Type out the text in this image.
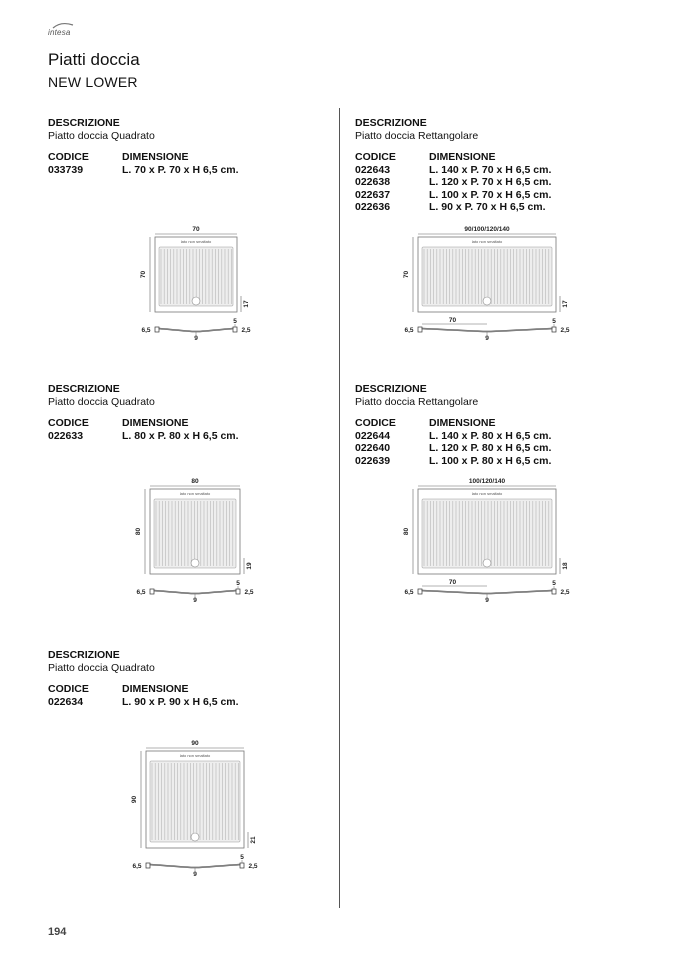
intesa
Piatti doccia
NEW LOWER
DESCRIZIONE
Piatto doccia Quadrato
CODICE	DIMENSIONE
033739	L. 70 x P. 70 x H 6,5 cm.
DESCRIZIONE
Piatto doccia Rettangolare
CODICE	DIMENSIONE
022643	L. 140 x P. 70 x H 6,5 cm.
022638	L. 120 x P. 70 x H 6,5 cm.
022637	L. 100 x P. 70 x H 6,5 cm.
022636	L. 90 x P. 70 x H 6,5 cm.
DESCRIZIONE
Piatto doccia Quadrato
CODICE	DIMENSIONE
022633	L. 80 x P. 80 x H 6,5 cm.
DESCRIZIONE
Piatto doccia Rettangolare
CODICE	DIMENSIONE
022644	L. 140 x P. 80 x H 6,5 cm.
022640	L. 120 x P. 80 x H 6,5 cm.
022639	L. 100 x P. 80 x H 6,5 cm.
DESCRIZIONE
Piatto doccia Quadrato
CODICE	DIMENSIONE
022634	L. 90 x P. 90 x H 6,5 cm.
70
lato non smaltato
70
17
5
2,5
6,5
9
90/100/120/140
lato non smaltato
70
17
5
2,5
6,5
9
70
80
lato non smaltato
80
19
5
2,5
6,5
9
100/120/140
lato non smaltato
80
18
5
2,5
6,5
9
70
90
lato non smaltato
90
21
5
2,5
6,5
9
194
